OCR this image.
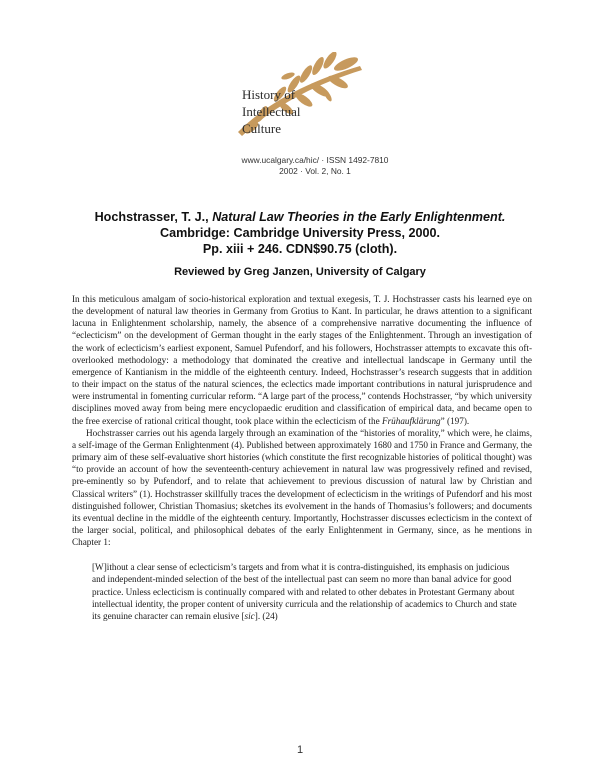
History of
Intellectual
Culture
www.ucalgary.ca/hic/ · ISSN 1492-7810
2002 · Vol. 2, No. 1
Hochstrasser, T. J., Natural Law Theories in the Early Enlightenment.
Cambridge: Cambridge University Press, 2000.
Pp. xiii + 246. CDN$90.75 (cloth).
Reviewed by Greg Janzen, University of Calgary

In this meticulous amalgam of socio-historical exploration and textual exegesis, T. J. Hochstrasser casts his learned eye on the development of natural law theories in Germany from Grotius to Kant. In particular, he draws attention to a significant lacuna in Enlightenment scholarship, namely, the absence of a comprehensive narrative documenting the influence of “eclecticism” on the development of German thought in the early stages of the Enlightenment. Through an investigation of the work of eclecticism’s earliest exponent, Samuel Pufendorf, and his followers, Hochstrasser attempts to excavate this oft-overlooked methodology: a methodology that dominated the creative and intellectual landscape in Germany until the emergence of Kantianism in the middle of the eighteenth century. Indeed, Hochstrasser’s research suggests that in addition to their impact on the status of the natural sciences, the eclectics made important contributions in natural jurisprudence and were instrumental in fomenting curricular reform. “A large part of the process,” contends Hochstrasser, “by which university disciplines moved away from being mere encyclopaedic erudition and classification of empirical data, and became open to the free exercise of rational critical thought, took place within the eclecticism of the Frühaufklärung” (197).

Hochstrasser carries out his agenda largely through an examination of the “histories of morality,” which were, he claims, a self-image of the German Enlightenment (4). Published between approximately 1680 and 1750 in France and Germany, the primary aim of these self-evaluative short histories (which constitute the first recognizable histories of political thought) was “to provide an account of how the seventeenth-century achievement in natural law was progressively refined and revised, pre-eminently so by Pufendorf, and to relate that achievement to previous discussion of natural law by Christian and Classical writers” (1). Hochstrasser skillfully traces the development of eclecticism in the writings of Pufendorf and his most distinguished follower, Christian Thomasius; sketches its evolvement in the hands of Thomasius’s followers; and documents its eventual decline in the middle of the eighteenth century. Importantly, Hochstrasser discusses eclecticism in the context of the larger social, political, and philosophical debates of the early Enlightenment in Germany, since, as he mentions in Chapter 1:

[W]ithout a clear sense of eclecticism’s targets and from what it is contra-distinguished, its emphasis on judicious and independent-minded selection of the best of the intellectual past can seem no more than banal advice for good practice. Unless eclecticism is continually compared with and related to other debates in Protestant Germany about intellectual identity, the proper content of university curricula and the relationship of academics to Church and state its genuine character can remain elusive [sic]. (24)

1
